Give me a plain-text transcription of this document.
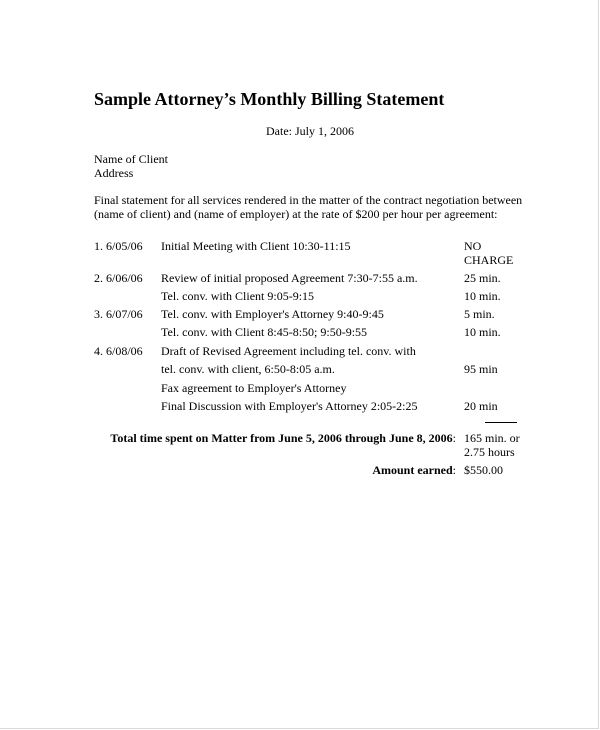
Sample Attorney’s Monthly Billing Statement
Date: July 1, 2006
Name of Client
Address
Final statement for all services rendered in the matter of the contract negotiation between
(name of client) and (name of employer) at the rate of $200 per hour per agreement:
1. 6/05/06 Initial Meeting with Client 10:30-11:15	NO
CHARGE
2. 6/06/06 Review of initial proposed Agreement 7:30-7:55 a.m.	25 min.
Tel. conv. with Client 9:05-9:15	10 min.
3. 6/07/06 Tel. conv. with Employer's Attorney 9:40-9:45	5 min.
Tel. conv. with Client 8:45-8:50; 9:50-9:55	10 min.
4. 6/08/06 Draft of Revised Agreement including tel. conv. with
tel. conv. with client, 6:50-8:05 a.m.	95 min
Fax agreement to Employer's Attorney
Final Discussion with Employer's Attorney 2:05-2:25	20 min
Total time spent on Matter from June 5, 2006 through June 8, 2006: 165 min. or
2.75 hours
Amount earned: $550.00
